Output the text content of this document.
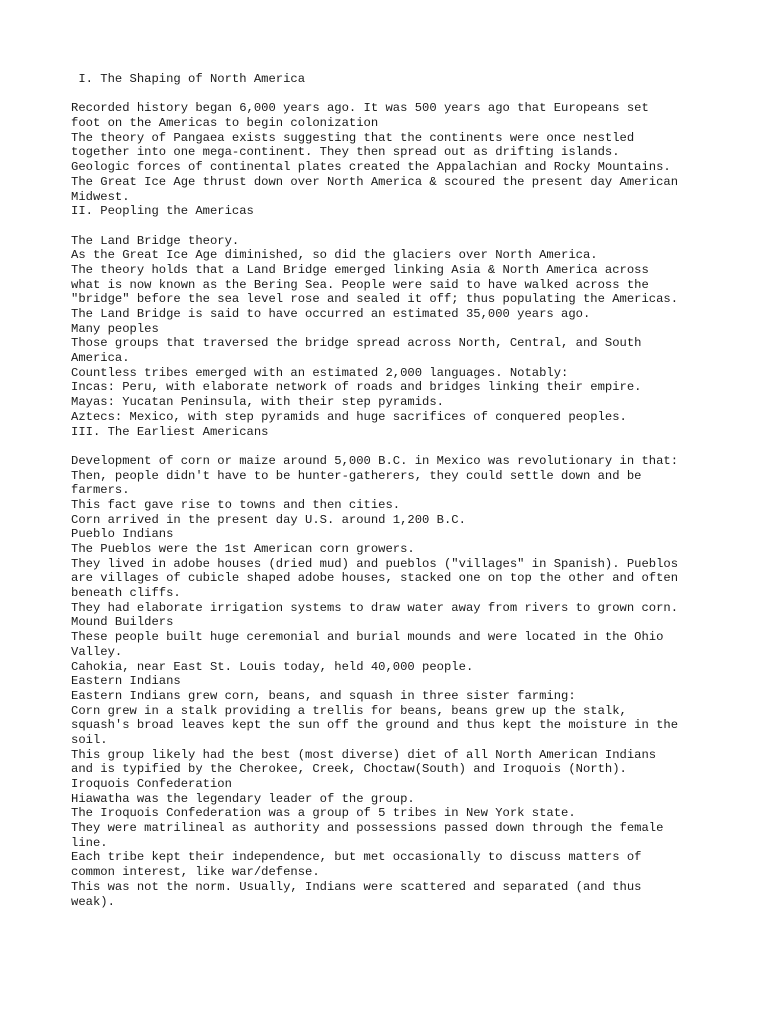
I. The Shaping of North America
Recorded history began 6,000 years ago. It was 500 years ago that Europeans set
foot on the Americas to begin colonization
The theory of Pangaea exists suggesting that the continents were once nestled
together into one mega-continent. They then spread out as drifting islands.
Geologic forces of continental plates created the Appalachian and Rocky Mountains.
The Great Ice Age thrust down over North America & scoured the present day American
Midwest.
II. Peopling the Americas
The Land Bridge theory.
As the Great Ice Age diminished, so did the glaciers over North America.
The theory holds that a Land Bridge emerged linking Asia & North America across
what is now known as the Bering Sea. People were said to have walked across the
"bridge" before the sea level rose and sealed it off; thus populating the Americas.
The Land Bridge is said to have occurred an estimated 35,000 years ago.
Many peoples
Those groups that traversed the bridge spread across North, Central, and South
America.
Countless tribes emerged with an estimated 2,000 languages. Notably:
Incas: Peru, with elaborate network of roads and bridges linking their empire.
Mayas: Yucatan Peninsula, with their step pyramids.
Aztecs: Mexico, with step pyramids and huge sacrifices of conquered peoples.
III. The Earliest Americans
Development of corn or maize around 5,000 B.C. in Mexico was revolutionary in that:
Then, people didn't have to be hunter-gatherers, they could settle down and be
farmers.
This fact gave rise to towns and then cities.
Corn arrived in the present day U.S. around 1,200 B.C.
Pueblo Indians
The Pueblos were the 1st American corn growers.
They lived in adobe houses (dried mud) and pueblos ("villages" in Spanish). Pueblos
are villages of cubicle shaped adobe houses, stacked one on top the other and often
beneath cliffs.
They had elaborate irrigation systems to draw water away from rivers to grown corn.
Mound Builders
These people built huge ceremonial and burial mounds and were located in the Ohio
Valley.
Cahokia, near East St. Louis today, held 40,000 people.
Eastern Indians
Eastern Indians grew corn, beans, and squash in three sister farming:
Corn grew in a stalk providing a trellis for beans, beans grew up the stalk,
squash's broad leaves kept the sun off the ground and thus kept the moisture in the
soil.
This group likely had the best (most diverse) diet of all North American Indians
and is typified by the Cherokee, Creek, Choctaw(South) and Iroquois (North).
Iroquois Confederation
Hiawatha was the legendary leader of the group.
The Iroquois Confederation was a group of 5 tribes in New York state.
They were matrilineal as authority and possessions passed down through the female
line.
Each tribe kept their independence, but met occasionally to discuss matters of
common interest, like war/defense.
This was not the norm. Usually, Indians were scattered and separated (and thus
weak).
